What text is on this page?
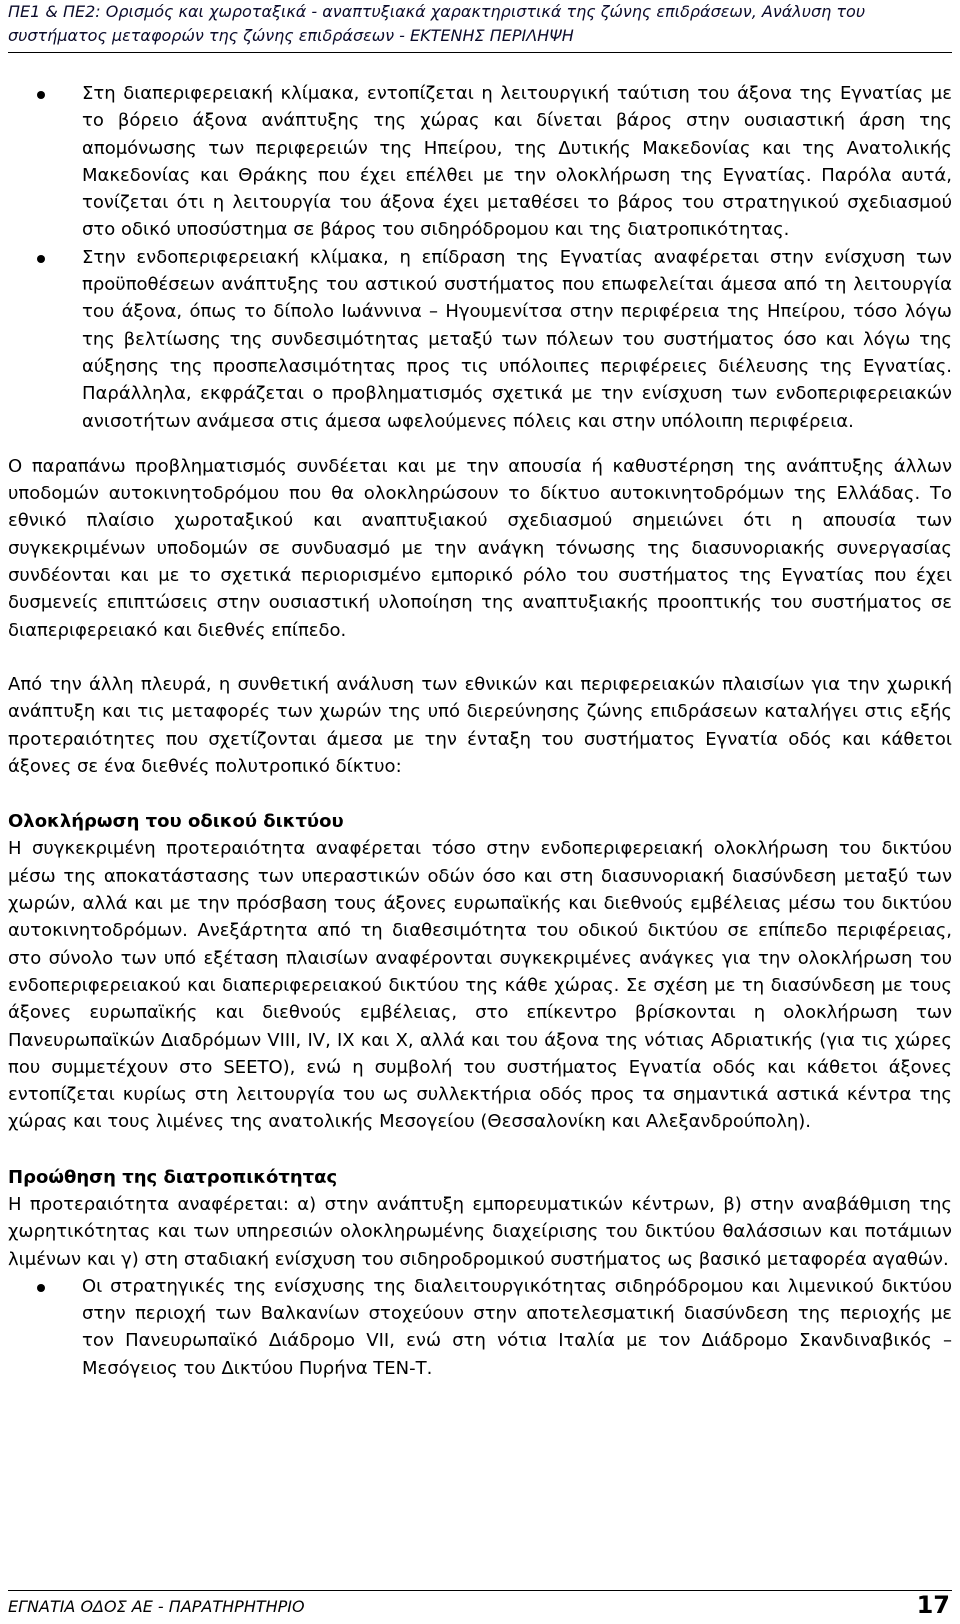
ΠΕ1 & ΠΕ2: Ορισμός και χωροταξικά - αναπτυξιακά χαρακτηριστικά της ζώνης επιδράσεων, Ανάλυση του
συστήματος μεταφορών της ζώνης επιδράσεων - ΕΚΤΕΝΗΣ ΠΕΡΙΛΗΨΗ
Στη διαπεριφερειακή κλίμακα, εντοπίζεται η λειτουργική ταύτιση του άξονα της Εγνατίας με το βόρειο άξονα ανάπτυξης της χώρας και δίνεται βάρος στην ουσιαστική άρση της απομόνωσης των περιφερειών της Ηπείρου, της Δυτικής Μακεδονίας και της Ανατολικής Μακεδονίας και Θράκης που έχει επέλθει με την ολοκλήρωση της Εγνατίας. Παρόλα αυτά, τονίζεται ότι η λειτουργία του άξονα έχει μεταθέσει το βάρος του στρατηγικού σχεδιασμού στο οδικό υποσύστημα σε βάρος του σιδηρόδρομου και της διατροπικότητας.
Στην ενδοπεριφερειακή κλίμακα, η επίδραση της Εγνατίας αναφέρεται στην ενίσχυση των προϋποθέσεων ανάπτυξης του αστικού συστήματος που επωφελείται άμεσα από τη λειτουργία του άξονα, όπως το δίπολο Ιωάννινα – Ηγουμενίτσα στην περιφέρεια της Ηπείρου, τόσο λόγω της βελτίωσης της συνδεσιμότητας μεταξύ των πόλεων του συστήματος όσο και λόγω της αύξησης της προσπελασιμότητας προς τις υπόλοιπες περιφέρειες διέλευσης της Εγνατίας. Παράλληλα, εκφράζεται ο προβληματισμός σχετικά με την ενίσχυση των ενδοπεριφερειακών ανισοτήτων ανάμεσα στις άμεσα ωφελούμενες πόλεις και στην υπόλοιπη περιφέρεια.

Ο παραπάνω προβληματισμός συνδέεται και με την απουσία ή καθυστέρηση της ανάπτυξης άλλων υποδομών αυτοκινητοδρόμου που θα ολοκληρώσουν το δίκτυο αυτοκινητοδρόμων της Ελλάδας. Το εθνικό πλαίσιο χωροταξικού και αναπτυξιακού σχεδιασμού σημειώνει ότι η απουσία των συγκεκριμένων υποδομών σε συνδυασμό με την ανάγκη τόνωσης της διασυνοριακής συνεργασίας συνδέονται και με το σχετικά περιορισμένο εμπορικό ρόλο του συστήματος της Εγνατίας που έχει δυσμενείς επιπτώσεις στην ουσιαστική υλοποίηση της αναπτυξιακής προοπτικής του συστήματος σε διαπεριφερειακό και διεθνές επίπεδο.

Από την άλλη πλευρά, η συνθετική ανάλυση των εθνικών και περιφερειακών πλαισίων για την χωρική ανάπτυξη και τις μεταφορές των χωρών της υπό διερεύνησης ζώνης επιδράσεων καταλήγει στις εξής προτεραιότητες που σχετίζονται άμεσα με την ένταξη του συστήματος Εγνατία οδός και κάθετοι άξονες σε ένα διεθνές πολυτροπικό δίκτυο:

Ολοκλήρωση του οδικού δικτύου

Η συγκεκριμένη προτεραιότητα αναφέρεται τόσο στην ενδοπεριφερειακή ολοκλήρωση του δικτύου μέσω της αποκατάστασης των υπεραστικών οδών όσο και στη διασυνοριακή διασύνδεση μεταξύ των χωρών, αλλά και με την πρόσβαση τους άξονες ευρωπαϊκής και διεθνούς εμβέλειας μέσω του δικτύου αυτοκινητοδρόμων. Ανεξάρτητα από τη διαθεσιμότητα του οδικού δικτύου σε επίπεδο περιφέρειας, στο σύνολο των υπό εξέταση πλαισίων αναφέρονται συγκεκριμένες ανάγκες για την ολοκλήρωση του ενδοπεριφερειακού και διαπεριφερειακού δικτύου της κάθε χώρας. Σε σχέση με τη διασύνδεση με τους άξονες ευρωπαϊκής και διεθνούς εμβέλειας, στο επίκεντρο βρίσκονται η ολοκλήρωση των Πανευρωπαϊκών Διαδρόμων VIII, IV, IX και X, αλλά και του άξονα της νότιας Αδριατικής (για τις χώρες που συμμετέχουν στο SEETO), ενώ η συμβολή του συστήματος Εγνατία οδός και κάθετοι άξονες εντοπίζεται κυρίως στη λειτουργία του ως συλλεκτήρια οδός προς τα σημαντικά αστικά κέντρα της χώρας και τους λιμένες της ανατολικής Μεσογείου (Θεσσαλονίκη και Αλεξανδρούπολη).

Προώθηση της διατροπικότητας

Η προτεραιότητα αναφέρεται: α) στην ανάπτυξη εμπορευματικών κέντρων, β) στην αναβάθμιση της χωρητικότητας και των υπηρεσιών ολοκληρωμένης διαχείρισης του δικτύου θαλάσσιων και ποτάμιων λιμένων και γ) στη σταδιακή ενίσχυση του σιδηροδρομικού συστήματος ως βασικό μεταφορέα αγαθών.

Οι στρατηγικές της ενίσχυσης της διαλειτουργικότητας σιδηρόδρομου και λιμενικού δικτύου στην περιοχή των Βαλκανίων στοχεύουν στην αποτελεσματική διασύνδεση της περιοχής με τον Πανευρωπαϊκό Διάδρομο VII, ενώ στη νότια Ιταλία με τον Διάδρομο Σκανδιναβικός – Μεσόγειος του Δικτύου Πυρήνα ΤΕΝ-Τ.
ΕΓΝΑΤΙΑ ΟΔΟΣ ΑΕ - ΠΑΡΑΤΗΡΗΤΗΡΙΟ	17
